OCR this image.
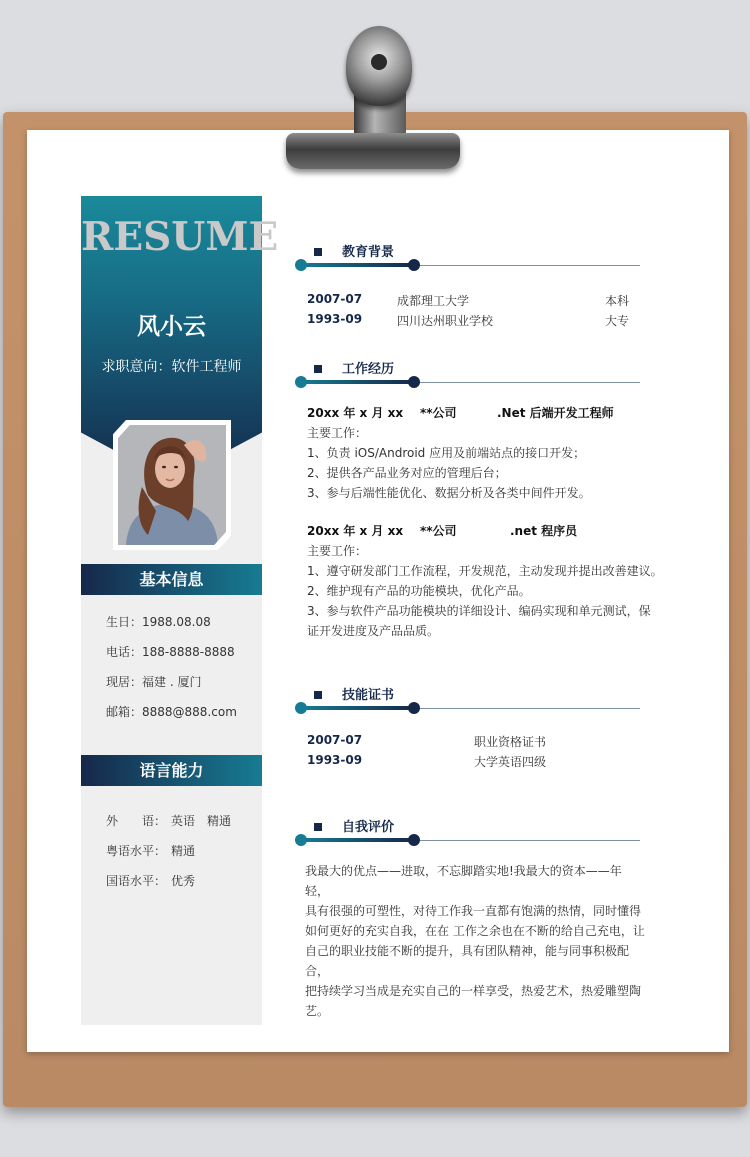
RESUME
风小云
求职意向：软件工程师
基本信息
生日：1988.08.08
电话：188-8888-8888
现居：福建 . 厦门
邮箱：8888@888.com
语言能力
外　　语： 英语　精通
粤语水平： 精通
国语水平： 优秀
教育背景
2007-07	成都理工大学	本科
1993-09	四川达州职业学校	大专
工作经历
20xx 年 x 月 xx **公司	.Net 后端开发工程师
主要工作：
1、负责 iOS/Android 应用及前端站点的接口开发；
2、提供各产品业务对应的管理后台；
3、参与后端性能优化、数据分析及各类中间件开发。
20xx 年 x 月 xx **公司	.net 程序员
主要工作：
1、遵守研发部门工作流程，开发规范，主动发现并提出改善建议。
2、维护现有产品的功能模块，优化产品。
3、参与软件产品功能模块的详细设计、编码实现和单元测试，保
证开发进度及产品品质。
技能证书
2007-07	职业资格证书
1993-09	大学英语四级
自我评价
我最大的优点——进取，不忘脚踏实地!我最大的资本——年轻，
具有很强的可塑性，对待工作我一直都有饱满的热情，同时懂得
如何更好的充实自我，在在 工作之余也在不断的给自己充电，让
自己的职业技能不断的提升，具有团队精神，能与同事积极配合，
把持续学习当成是充实自己的一样享受，热爱艺术，热爱雕塑陶
艺。
